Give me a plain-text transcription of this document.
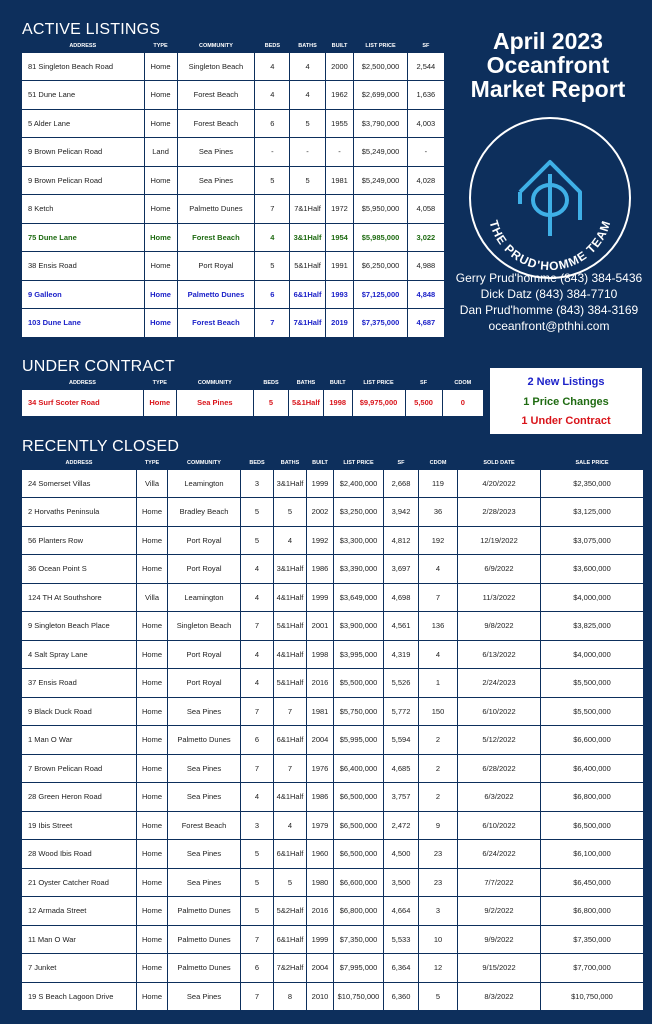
ACTIVE LISTINGS
ADDRESS	TYPE	COMMUNITY	BEDS	BATHS	BUILT	LIST PRICE	SF
81 Singleton Beach Road	Home	Singleton Beach	4	4	2000	$2,500,000	2,544
51 Dune Lane	Home	Forest Beach	4	4	1962	$2,699,000	1,636
5 Alder Lane	Home	Forest Beach	6	5	1955	$3,790,000	4,003
9 Brown Pelican Road	Land	Sea Pines	-	-	-	$5,249,000	-
9 Brown Pelican Road	Home	Sea Pines	5	5	1981	$5,249,000	4,028
8 Ketch	Home	Palmetto Dunes	7	7&1Half	1972	$5,950,000	4,058
75 Dune Lane	Home	Forest Beach	4	3&1Half	1954	$5,985,000	3,022
38 Ensis Road	Home	Port Royal	5	5&1Half	1991	$6,250,000	4,988
9 Galleon	Home	Palmetto Dunes	6	6&1Half	1993	$7,125,000	4,848
103 Dune Lane	Home	Forest Beach	7	7&1Half	2019	$7,375,000	4,687
UNDER CONTRACT
ADDRESS	TYPE	COMMUNITY	BEDS	BATHS	BUILT	LIST PRICE	SF	CDOM
34 Surf Scoter Road	Home	Sea Pines	5	5&1Half	1998	$9,975,000	5,500	0
RECENTLY CLOSED
ADDRESS	TYPE	COMMUNITY	BEDS	BATHS	BUILT	LIST PRICE	SF	CDOM	SOLD DATE	SALE PRICE
24 Somerset Villas	Villa	Leamington	3	3&1Half	1999	$2,400,000	2,668	119	4/20/2022	$2,350,000
2 Horvaths Peninsula	Home	Bradley Beach	5	5	2002	$3,250,000	3,942	36	2/28/2023	$3,125,000
56 Planters Row	Home	Port Royal	5	4	1992	$3,300,000	4,812	192	12/19/2022	$3,075,000
36 Ocean Point S	Home	Port Royal	4	3&1Half	1986	$3,390,000	3,697	4	6/9/2022	$3,600,000
124 TH At Southshore	Villa	Leamington	4	4&1Half	1999	$3,649,000	4,698	7	11/3/2022	$4,000,000
9 Singleton Beach Place	Home	Singleton Beach	7	5&1Half	2001	$3,900,000	4,561	136	9/8/2022	$3,825,000
4 Salt Spray Lane	Home	Port Royal	4	4&1Half	1998	$3,995,000	4,319	4	6/13/2022	$4,000,000
37 Ensis Road	Home	Port Royal	4	5&1Half	2016	$5,500,000	5,526	1	2/24/2023	$5,500,000
9 Black Duck Road	Home	Sea Pines	7	7	1981	$5,750,000	5,772	150	6/10/2022	$5,500,000
1 Man O War	Home	Palmetto Dunes	6	6&1Half	2004	$5,995,000	5,594	2	5/12/2022	$6,600,000
7 Brown Pelican Road	Home	Sea Pines	7	7	1976	$6,400,000	4,685	2	6/28/2022	$6,400,000
28 Green Heron Road	Home	Sea Pines	4	4&1Half	1986	$6,500,000	3,757	2	6/3/2022	$6,800,000
19 Ibis Street	Home	Forest Beach	3	4	1979	$6,500,000	2,472	9	6/10/2022	$6,500,000
28 Wood Ibis Road	Home	Sea Pines	5	6&1Half	1960	$6,500,000	4,500	23	6/24/2022	$6,100,000
21 Oyster Catcher Road	Home	Sea Pines	5	5	1980	$6,600,000	3,500	23	7/7/2022	$6,450,000
12 Armada Street	Home	Palmetto Dunes	5	5&2Half	2016	$6,800,000	4,664	3	9/2/2022	$6,800,000
11 Man O War	Home	Palmetto Dunes	7	6&1Half	1999	$7,350,000	5,533	10	9/9/2022	$7,350,000
7 Junket	Home	Palmetto Dunes	6	7&2Half	2004	$7,995,000	6,364	12	9/15/2022	$7,700,000
19 S Beach Lagoon Drive	Home	Sea Pines	7	8	2010	$10,750,000	6,360	5	8/3/2022	$10,750,000
April 2023
Oceanfront
Market Report
THE PRUD'HOMME TEAM
Gerry Prud'homme (843) 384-5436
Dick Datz (843) 384-7710
Dan Prud'homme (843) 384-3169
oceanfront@pthhi.com
2 New Listings
1 Price Changes
1 Under Contract
